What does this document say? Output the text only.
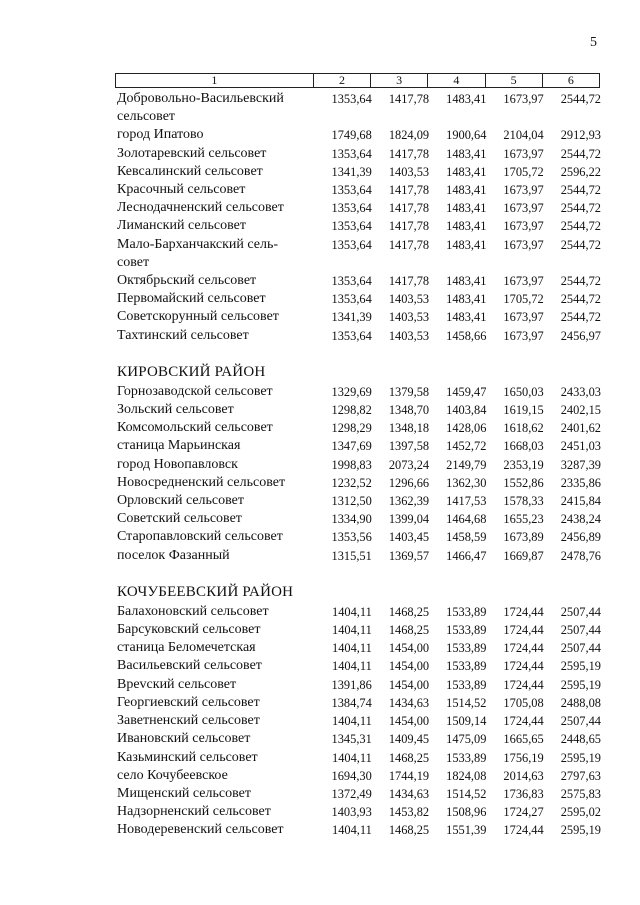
5
1	2	3	4	5	6
Добровольно-Васильевский
сельсовет
1353,64	1417,78	1483,41	1673,97	2544,72
город Ипатово	1749,68	1824,09	1900,64	2104,04	2912,93
Золотаревский сельсовет	1353,64	1417,78	1483,41	1673,97	2544,72
Кевсалинский сельсовет	1341,39	1403,53	1483,41	1705,72	2596,22
Красочный сельсовет	1353,64	1417,78	1483,41	1673,97	2544,72
Леснодачненский сельсовет	1353,64	1417,78	1483,41	1673,97	2544,72
Лиманский сельсовет	1353,64	1417,78	1483,41	1673,97	2544,72
Мало-Барханчакский сель-
совет
1353,64	1417,78	1483,41	1673,97	2544,72
Октябрьский сельсовет	1353,64	1417,78	1483,41	1673,97	2544,72
Первомайский сельсовет	1353,64	1403,53	1483,41	1705,72	2544,72
Советскорунный сельсовет	1341,39	1403,53	1483,41	1673,97	2544,72
Тахтинский сельсовет	1353,64	1403,53	1458,66	1673,97	2456,97
КИРОВСКИЙ РАЙОН
Горнозаводской сельсовет	1329,69	1379,58	1459,47	1650,03	2433,03
Зольский сельсовет	1298,82	1348,70	1403,84	1619,15	2402,15
Комсомольский сельсовет	1298,29	1348,18	1428,06	1618,62	2401,62
станица Марьинская	1347,69	1397,58	1452,72	1668,03	2451,03
город Новопавловск	1998,83	2073,24	2149,79	2353,19	3287,39
Новосредненский сельсовет	1232,52	1296,66	1362,30	1552,86	2335,86
Орловский сельсовет	1312,50	1362,39	1417,53	1578,33	2415,84
Советский сельсовет	1334,90	1399,04	1464,68	1655,23	2438,24
Старопавловский сельсовет	1353,56	1403,45	1458,59	1673,89	2456,89
поселок Фазанный	1315,51	1369,57	1466,47	1669,87	2478,76
КОЧУБЕЕВСКИЙ РАЙОН
Балахоновский сельсовет	1404,11	1468,25	1533,89	1724,44	2507,44
Барсуковский сельсовет	1404,11	1468,25	1533,89	1724,44	2507,44
станица Беломечетская	1404,11	1454,00	1533,89	1724,44	2507,44
Васильевский сельсовет	1404,11	1454,00	1533,89	1724,44	2595,19
Врevский сельсовет	1391,86	1454,00	1533,89	1724,44	2595,19
Георгиевский сельсовет	1384,74	1434,63	1514,52	1705,08	2488,08
Заветненский сельсовет	1404,11	1454,00	1509,14	1724,44	2507,44
Ивановский сельсовет	1345,31	1409,45	1475,09	1665,65	2448,65
Казьминский сельсовет	1404,11	1468,25	1533,89	1756,19	2595,19
село Кочубеевское	1694,30	1744,19	1824,08	2014,63	2797,63
Мищенский сельсовет	1372,49	1434,63	1514,52	1736,83	2575,83
Надзорненский сельсовет	1403,93	1453,82	1508,96	1724,27	2595,02
Новодеревенский сельсовет	1404,11	1468,25	1551,39	1724,44	2595,19
